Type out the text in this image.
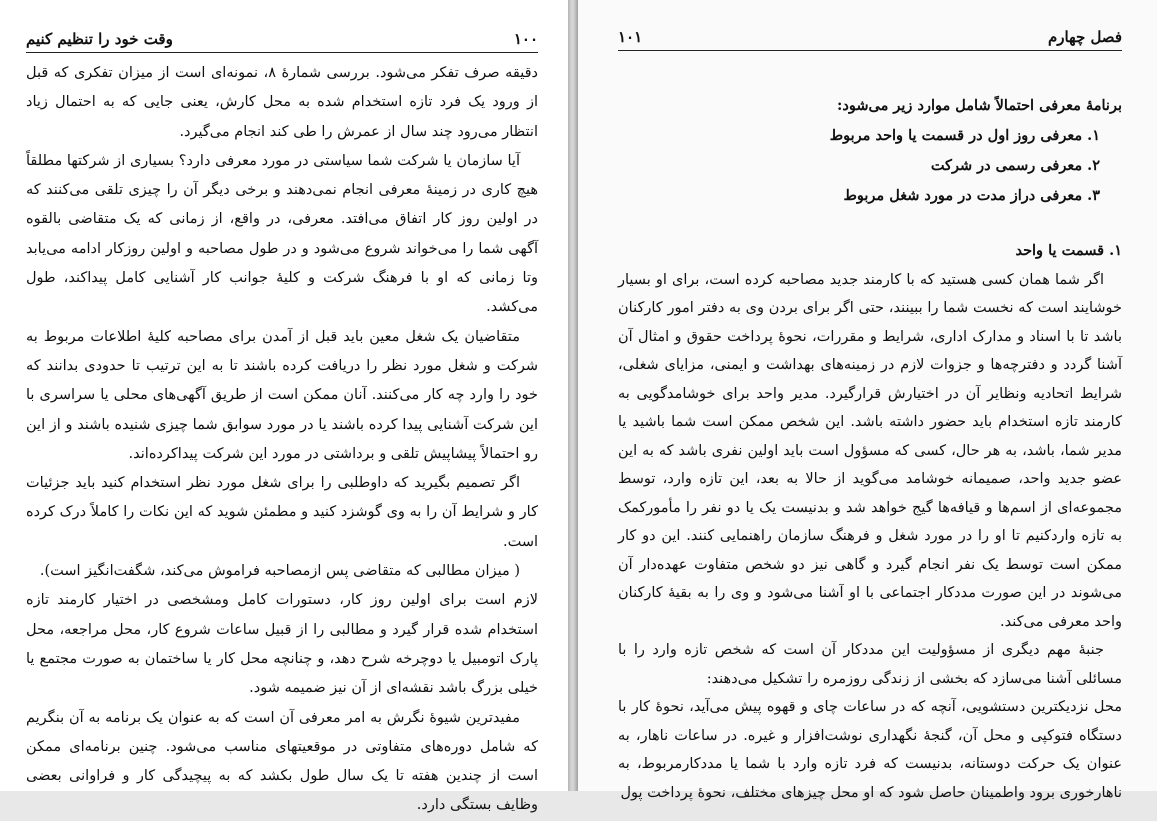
۱۰۰
وقت خود را تنظیم کنیم

دقیقه صرف تفکر می‌شود. بررسی شمارهٔ ۸، نمونه‌ای است از میزان تفکری که قبل از ورود یک فرد تازه استخدام شده به محل کارش، یعنی جایی که به احتمال زیاد انتظار می‌رود چند سال از عمرش را طی کند انجام می‌گیرد.

آیا سازمان یا شرکت شما سیاستی در مورد معرفی دارد؟ بسیاری از شرکتها مطلقاً هیچ کاری در زمینهٔ معرفی انجام نمی‌دهند و برخی دیگر آن را چیزی تلقی می‌کنند که در اولین روز کار اتفاق می‌افتد. معرفی، در واقع، از زمانی که یک متقاضی بالقوه آگهی شما را می‌خواند شروع می‌شود و در طول مصاحبه و اولین روزکار ادامه می‌یابد وتا زمانی که او با فرهنگ شرکت و کلیهٔ جوانب کار آشنایی کامل پیداکند، طول می‌کشد.

متقاضیان یک شغل معین باید قبل از آمدن برای مصاحبه کلیهٔ اطلاعات مربوط به شرکت و شغل مورد نظر را دریافت کرده باشند تا به این ترتیب تا حدودی بدانند که خود را وارد چه کار می‌کنند. آنان ممکن است از طریق آگهی‌های محلی یا سراسری با این شرکت آشنایی پیدا کرده باشند یا در مورد سوابق شما چیزی شنیده باشند و از این رو احتمالاً پیشاپیش تلقی و برداشتی در مورد این شرکت پیداکرده‌اند.

اگر تصمیم بگیرید که داوطلبی را برای شغل مورد نظر استخدام کنید باید جزئیات کار و شرایط آن را به وی گوشزد کنید و مطمئن شوید که این نکات را کاملاً درک کرده است.

( میزان مطالبی که متقاضی پس ازمصاحبه فراموش می‌کند، شگفت‌انگیز است).

لازم است برای اولین روز کار، دستورات کامل ومشخصی در اختیار کارمند تازه استخدام شده قرار گیرد و مطالبی را از قبیل ساعات شروع کار، محل مراجعه، محل پارک اتومبیل یا دوچرخه شرح دهد، و چنانچه محل کار یا ساختمان به صورت مجتمع یا خیلی بزرگ باشد نقشه‌ای از آن نیز ضمیمه شود.

مفیدترین شیوهٔ نگرش به امر معرفی آن است که به عنوان یک برنامه به آن بنگریم که شامل دوره‌های متفاوتی در موقعیتهای مناسب می‌شود. چنین برنامه‌ای ممکن است از چندین هفته تا یک سال طول بکشد که به پیچیدگی کار و فراوانی بعضی وظایف بستگی دارد.

فصل چهارم
۱۰۱

برنامهٔ معرفی احتمالاً شامل موارد زیر می‌شود:

۱. معرفی روز اول در قسمت یا واحد مربوط

۲. معرفی رسمی در شرکت

۳. معرفی دراز مدت در مورد شغل مربوط

۱. قسمت یا واحد

اگر شما همان کسی هستید که با کارمند جدید مصاحبه کرده است، برای او بسیار خوشایند است که نخست شما را ببینند، حتی اگر برای بردن وی به دفتر امور کارکنان باشد تا با اسناد و مدارک اداری، شرایط و مقررات، نحوهٔ پرداخت حقوق و امثال آن آشنا گردد و دفترچه‌ها و جزوات لازم در زمینه‌های بهداشت و ایمنی، مزایای شغلی، شرایط اتحادیه ونظایر آن در اختیارش قرارگیرد. مدیر واحد برای خوشامدگویی به کارمند تازه استخدام باید حضور داشته باشد. این شخص ممکن است شما باشید یا مدیر شما، باشد، به هر حال، کسی که مسؤول است باید اولین نفری باشد که به این عضو جدید واحد، صمیمانه خوشامد می‌گوید از حالا به بعد، این تازه وارد، توسط مجموعه‌ای از اسم‌ها و قیافه‌ها گیج خواهد شد و بدنیست یک یا دو نفر را مأمورکمک به تازه واردکنیم تا او را در مورد شغل و فرهنگ سازمان راهنمایی کنند. این دو کار ممکن است توسط یک نفر انجام گیرد و گاهی نیز دو شخص متفاوت عهده‌دار آن می‌شوند در این صورت مددکار اجتماعی با او آشنا می‌شود و وی را به بقیهٔ کارکنان واحد معرفی می‌کند.

جنبهٔ مهم دیگری از مسؤولیت این مددکار آن است که شخص تازه وارد را با مسائلی آشنا می‌سازد که بخشی از زندگی روزمره را تشکیل می‌دهند:

محل نزدیکترین دستشویی، آنچه که در ساعات چای و قهوه پیش می‌آید، نحوهٔ کار با دستگاه فتوکپی و محل آن، گنجهٔ نگهداری نوشت‌افزار و غیره. در ساعات ناهار، به عنوان یک حرکت دوستانه، بدنیست که فرد تازه وارد با شما یا مددکارمربوط، به ناهارخوری برود واطمینان حاصل شود که او محل چیزهای مختلف، نحوهٔ پرداخت پول
